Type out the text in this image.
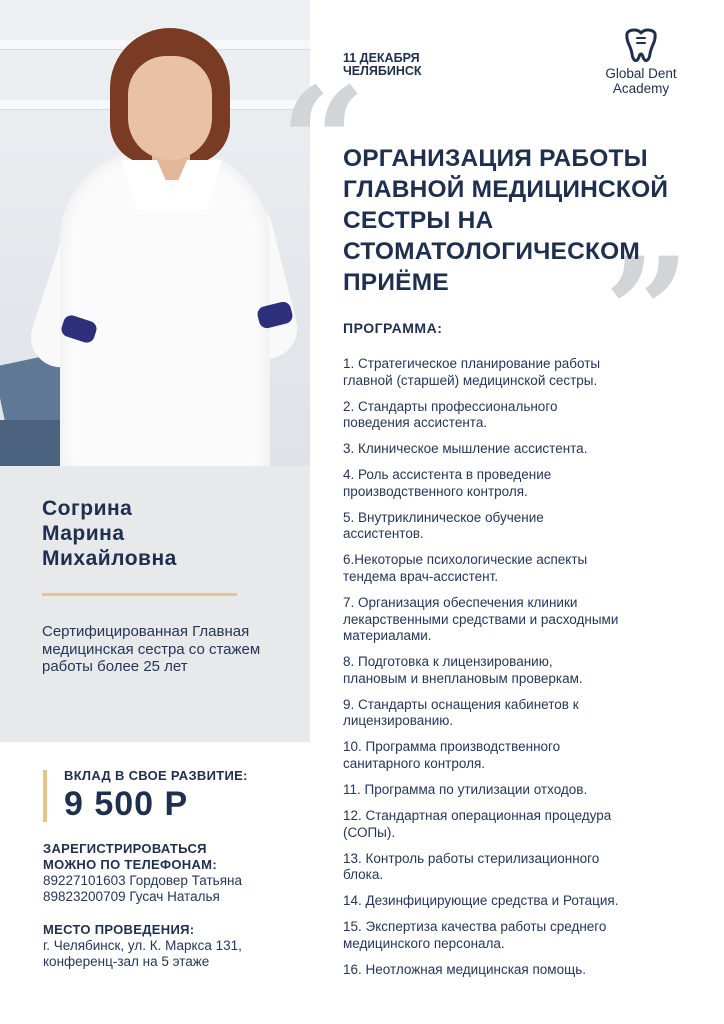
Согрина
Марина
Михайловна
Сертифицированная Главная медицинская сестра со стажем работы более 25 лет
ВКЛАД В СВОЕ РАЗВИТИЕ:
9 500 Р
ЗАРЕГИСТРИРОВАТЬСЯ
МОЖНО ПО ТЕЛЕФОНАМ:
89227101603 Гордовер Татьяна
89823200709 Гусач Наталья
МЕСТО ПРОВЕДЕНИЯ:
г. Челябинск, ул. К. Маркса 131,
конференц-зал на 5 этаже
11 ДЕКАБРЯ
ЧЕЛЯБИНСК	Global Dent
Academy
“
”
ОРГАНИЗАЦИЯ РАБОТЫ
ГЛАВНОЙ МЕДИЦИНСКОЙ
СЕСТРЫ НА
СТОМАТОЛОГИЧЕСКОМ
ПРИЁМЕ
ПРОГРАММА:
1. Стратегическое планирование работы
главной (старшей) медицинской сестры.
2. Стандарты профессионального
поведения ассистента.
3. Клиническое мышление ассистента.
4. Роль ассистента в проведение
производственного контроля.
5. Внутриклиническое обучение
ассистентов.
6.Некоторые психологические аспекты
тендема врач-ассистент.
7. Организация обеспечения клиники
лекарственными средствами и расходными
материалами.
8. Подготовка к лицензированию,
плановым и внеплановым проверкам.
9. Стандарты оснащения кабинетов к
лицензированию.
10. Программа производственного
санитарного контроля.
11. Программа по утилизации отходов.
12. Стандартная операционная процедура
(СОПы).
13. Контроль работы стерилизационного
блока.
14. Дезинфицирующие средства и Ротация.
15. Экспертиза качества работы среднего
медицинского персонала.
16. Неотложная медицинская помощь.
